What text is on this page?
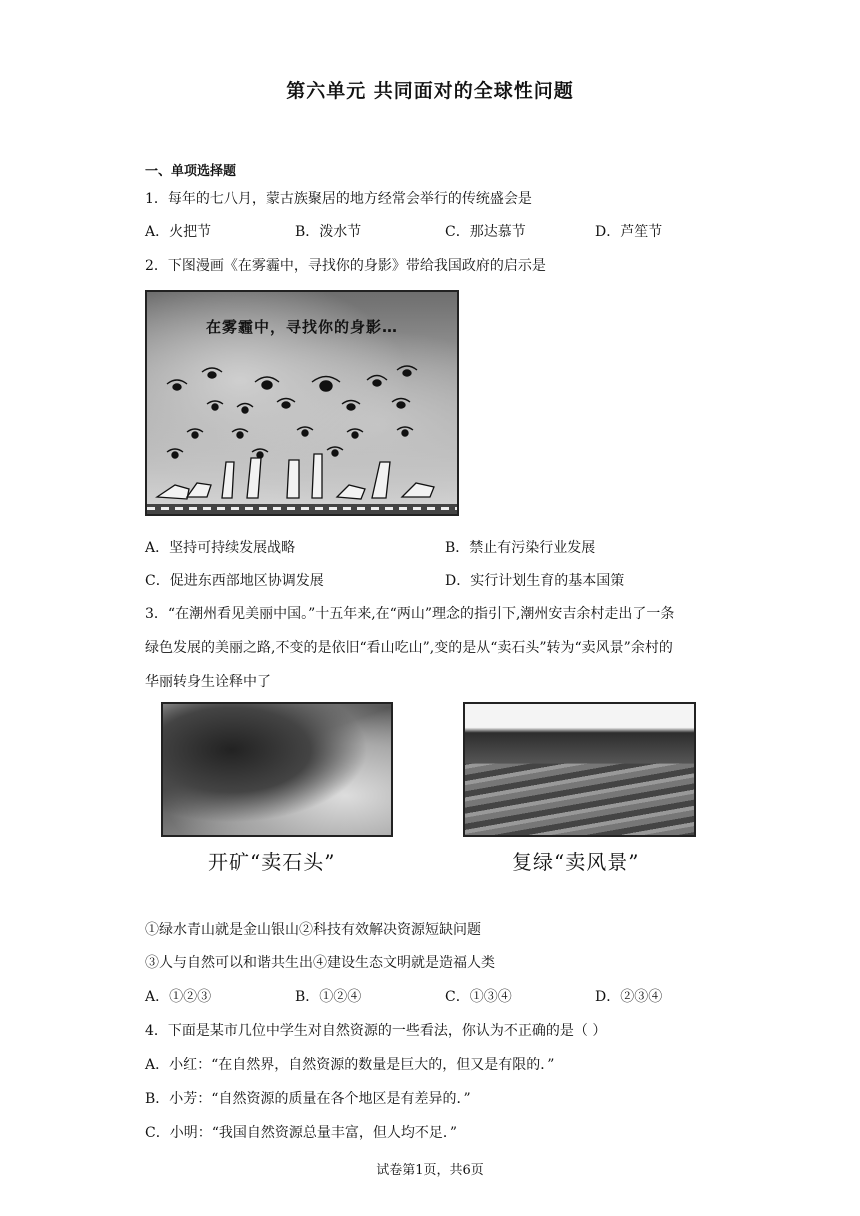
第六单元 共同面对的全球性问题
一、单项选择题
1．每年的七八月，蒙古族聚居的地方经常会举行的传统盛会是
A．火把节	B．泼水节	C．那达慕节	D．芦笙节
2．下图漫画《在雾霾中，寻找你的身影》带给我国政府的启示是
在雾霾中，寻找你的身影…
A．坚持可持续发展战略	B．禁止有污染行业发展
C．促进东西部地区协调发展	D．实行计划生育的基本国策
3．“在潮州看见美丽中国。”十五年来,在“两山”理念的指引下,潮州安吉余村走出了一条
绿色发展的美丽之路,不变的是依旧“看山吃山”,变的是从“卖石头”转为“卖风景”余村的
华丽转身生诠释中了
开矿“卖石头”	复绿“卖风景”
①绿水青山就是金山银山②科技有效解决资源短缺问题
③人与自然可以和谐共生出④建设生态文明就是造福人类
A．①②③	B．①②④	C．①③④	D．②③④
4．下面是某市几位中学生对自然资源的一些看法，你认为不正确的是（ ）
A．小红：“在自然界，自然资源的数量是巨大的，但又是有限的．”
B．小芳：“自然资源的质量在各个地区是有差异的．”
C．小明：“我国自然资源总量丰富，但人均不足．”
试卷第1页，共6页
